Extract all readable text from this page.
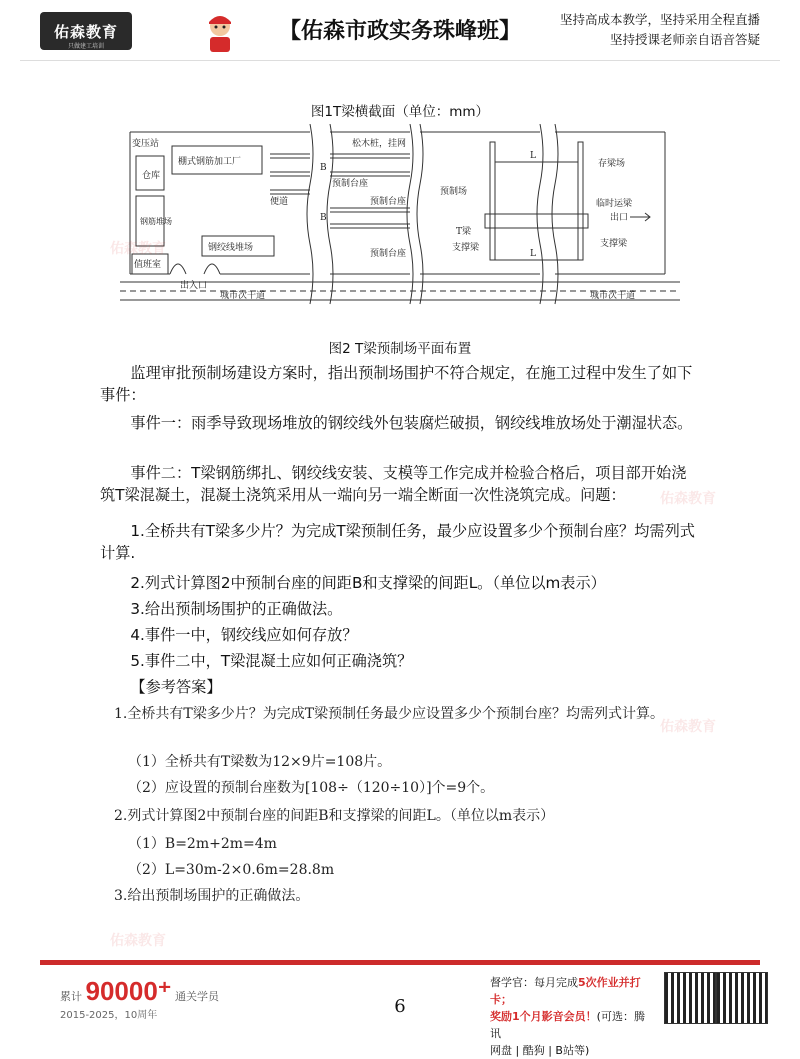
佑森教育
只做建工培训
【佑森市政实务珠峰班】	坚持高成本教学，坚持采用全程直播
坚持授课老师亲自语音答疑
图1T梁横截面（单位：mm）
变压站
仓库
棚式钢筋加工厂
钢筋堆场
钢绞线堆场
值班室
出入口
便道
预制台座
预制台座
预制台座
松木桩，挂网
预制场
存梁场
临时运梁
出口
T梁
支撑梁	支撑梁
L
L
B
B
城市次干道	城市次干道
图2 T梁预制场平面布置
监理审批预制场建设方案时，指出预制场围护不符合规定，在施工过程中发生了如下事件：
事件一：雨季导致现场堆放的钢绞线外包装腐烂破损，钢绞线堆放场处于潮湿状态。
事件二：T梁钢筋绑扎、钢绞线安装、支模等工作完成并检验合格后，项目部开始浇筑T梁混凝土，混凝土浇筑采用从一端向另一端全断面一次性浇筑完成。问题：
1.全桥共有T梁多少片？为完成T梁预制任务，最少应设置多少个预制台座？均需列式计算.
2.列式计算图2中预制台座的间距B和支撑梁的间距L。（单位以m表示）
3.给出预制场围护的正确做法。
4.事件一中，钢绞线应如何存放？
5.事件二中，T梁混凝土应如何正确浇筑？
【参考答案】
1.全桥共有T梁多少片？为完成T梁预制任务最少应设置多少个预制台座？均需列式计算。
（1）全桥共有T梁数为12×9片=108片。
（2）应设置的预制台座数为[108÷（120÷10）]个=9个。
2.列式计算图2中预制台座的间距B和支撑梁的间距L。（单位以m表示）
（1）B=2m+2m=4m
（2）L=30m-2×0.6m=28.8m
3.给出预制场围护的正确做法。
佑森教育
佑森教育
佑森教育
佑森教育
累计 90000⁺ 通关学员
2015-2025，10周年	6
督学官：每月完成5次作业并打卡；
奖励1个月影音会员！(可选：腾讯
网盘 | 酷狗 | B站等)
